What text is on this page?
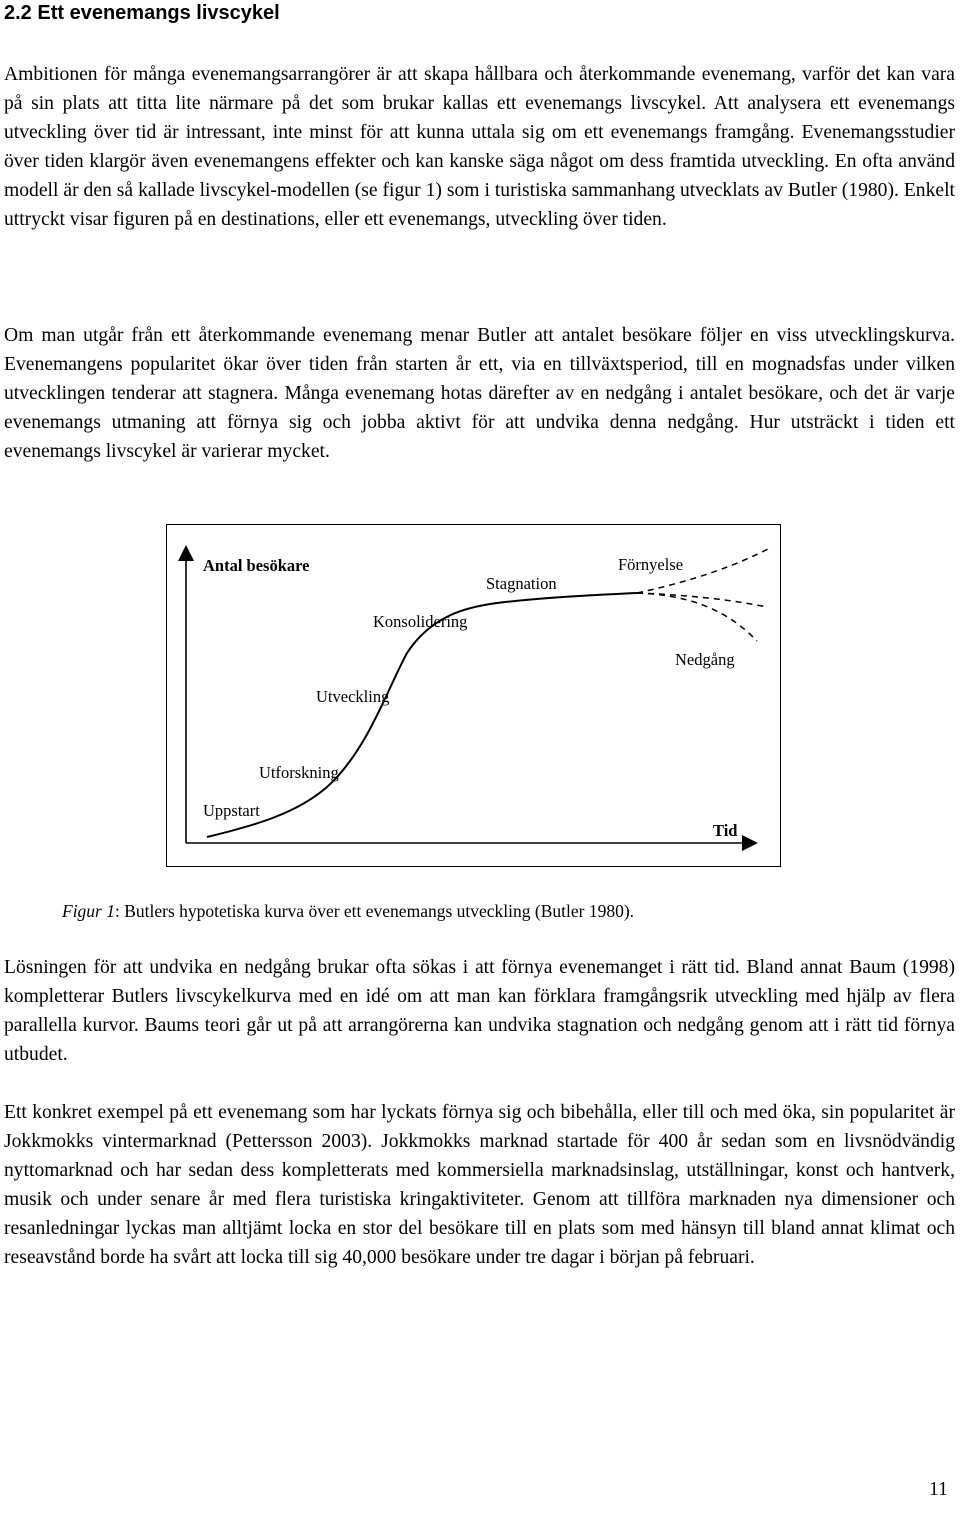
2.2 Ett evenemangs livscykel

Ambitionen för många evenemangsarrangörer är att skapa hållbara och återkommande evenemang, varför det kan vara på sin plats att titta lite närmare på det som brukar kallas ett evenemangs livscykel. Att analysera ett evenemangs utveckling över tid är intressant, inte minst för att kunna uttala sig om ett evenemangs framgång. Evenemangsstudier över tiden klargör även evenemangens effekter och kan kanske säga något om dess framtida utveckling. En ofta använd modell är den så kallade livscykel-modellen (se figur 1) som i turistiska sammanhang utvecklats av Butler (1980). Enkelt uttryckt visar figuren på en destinations, eller ett evenemangs, utveckling över tiden.

Om man utgår från ett återkommande evenemang menar Butler att antalet besökare följer en viss utvecklingskurva. Evenemangens popularitet ökar över tiden från starten år ett, via en tillväxtsperiod, till en mognadsfas under vilken utvecklingen tenderar att stagnera. Många evenemang hotas därefter av en nedgång i antalet besökare, och det är varje evenemangs utmaning att förnya sig och jobba aktivt för att undvika denna nedgång. Hur utsträckt i tiden ett evenemangs livscykel är varierar mycket.

Antal besökare
Stagnation
Förnyelse
Konsolidering
Nedgång
Utveckling
Utforskning
Uppstart
Tid

Figur 1: Butlers hypotetiska kurva över ett evenemangs utveckling (Butler 1980).

Lösningen för att undvika en nedgång brukar ofta sökas i att förnya evenemanget i rätt tid. Bland annat Baum (1998) kompletterar Butlers livscykelkurva med en idé om att man kan förklara framgångsrik utveckling med hjälp av flera parallella kurvor. Baums teori går ut på att arrangörerna kan undvika stagnation och nedgång genom att i rätt tid förnya utbudet.

Ett konkret exempel på ett evenemang som har lyckats förnya sig och bibehålla, eller till och med öka, sin popularitet är Jokkmokks vintermarknad (Pettersson 2003). Jokkmokks marknad startade för 400 år sedan som en livsnödvändig nyttomarknad och har sedan dess kompletterats med kommersiella marknadsinslag, utställningar, konst och hantverk, musik och under senare år med flera turistiska kringaktiviteter. Genom att tillföra marknaden nya dimensioner och resanledningar lyckas man alltjämt locka en stor del besökare till en plats som med hänsyn till bland annat klimat och reseavstånd borde ha svårt att locka till sig 40,000 besökare under tre dagar i början på februari.

11
